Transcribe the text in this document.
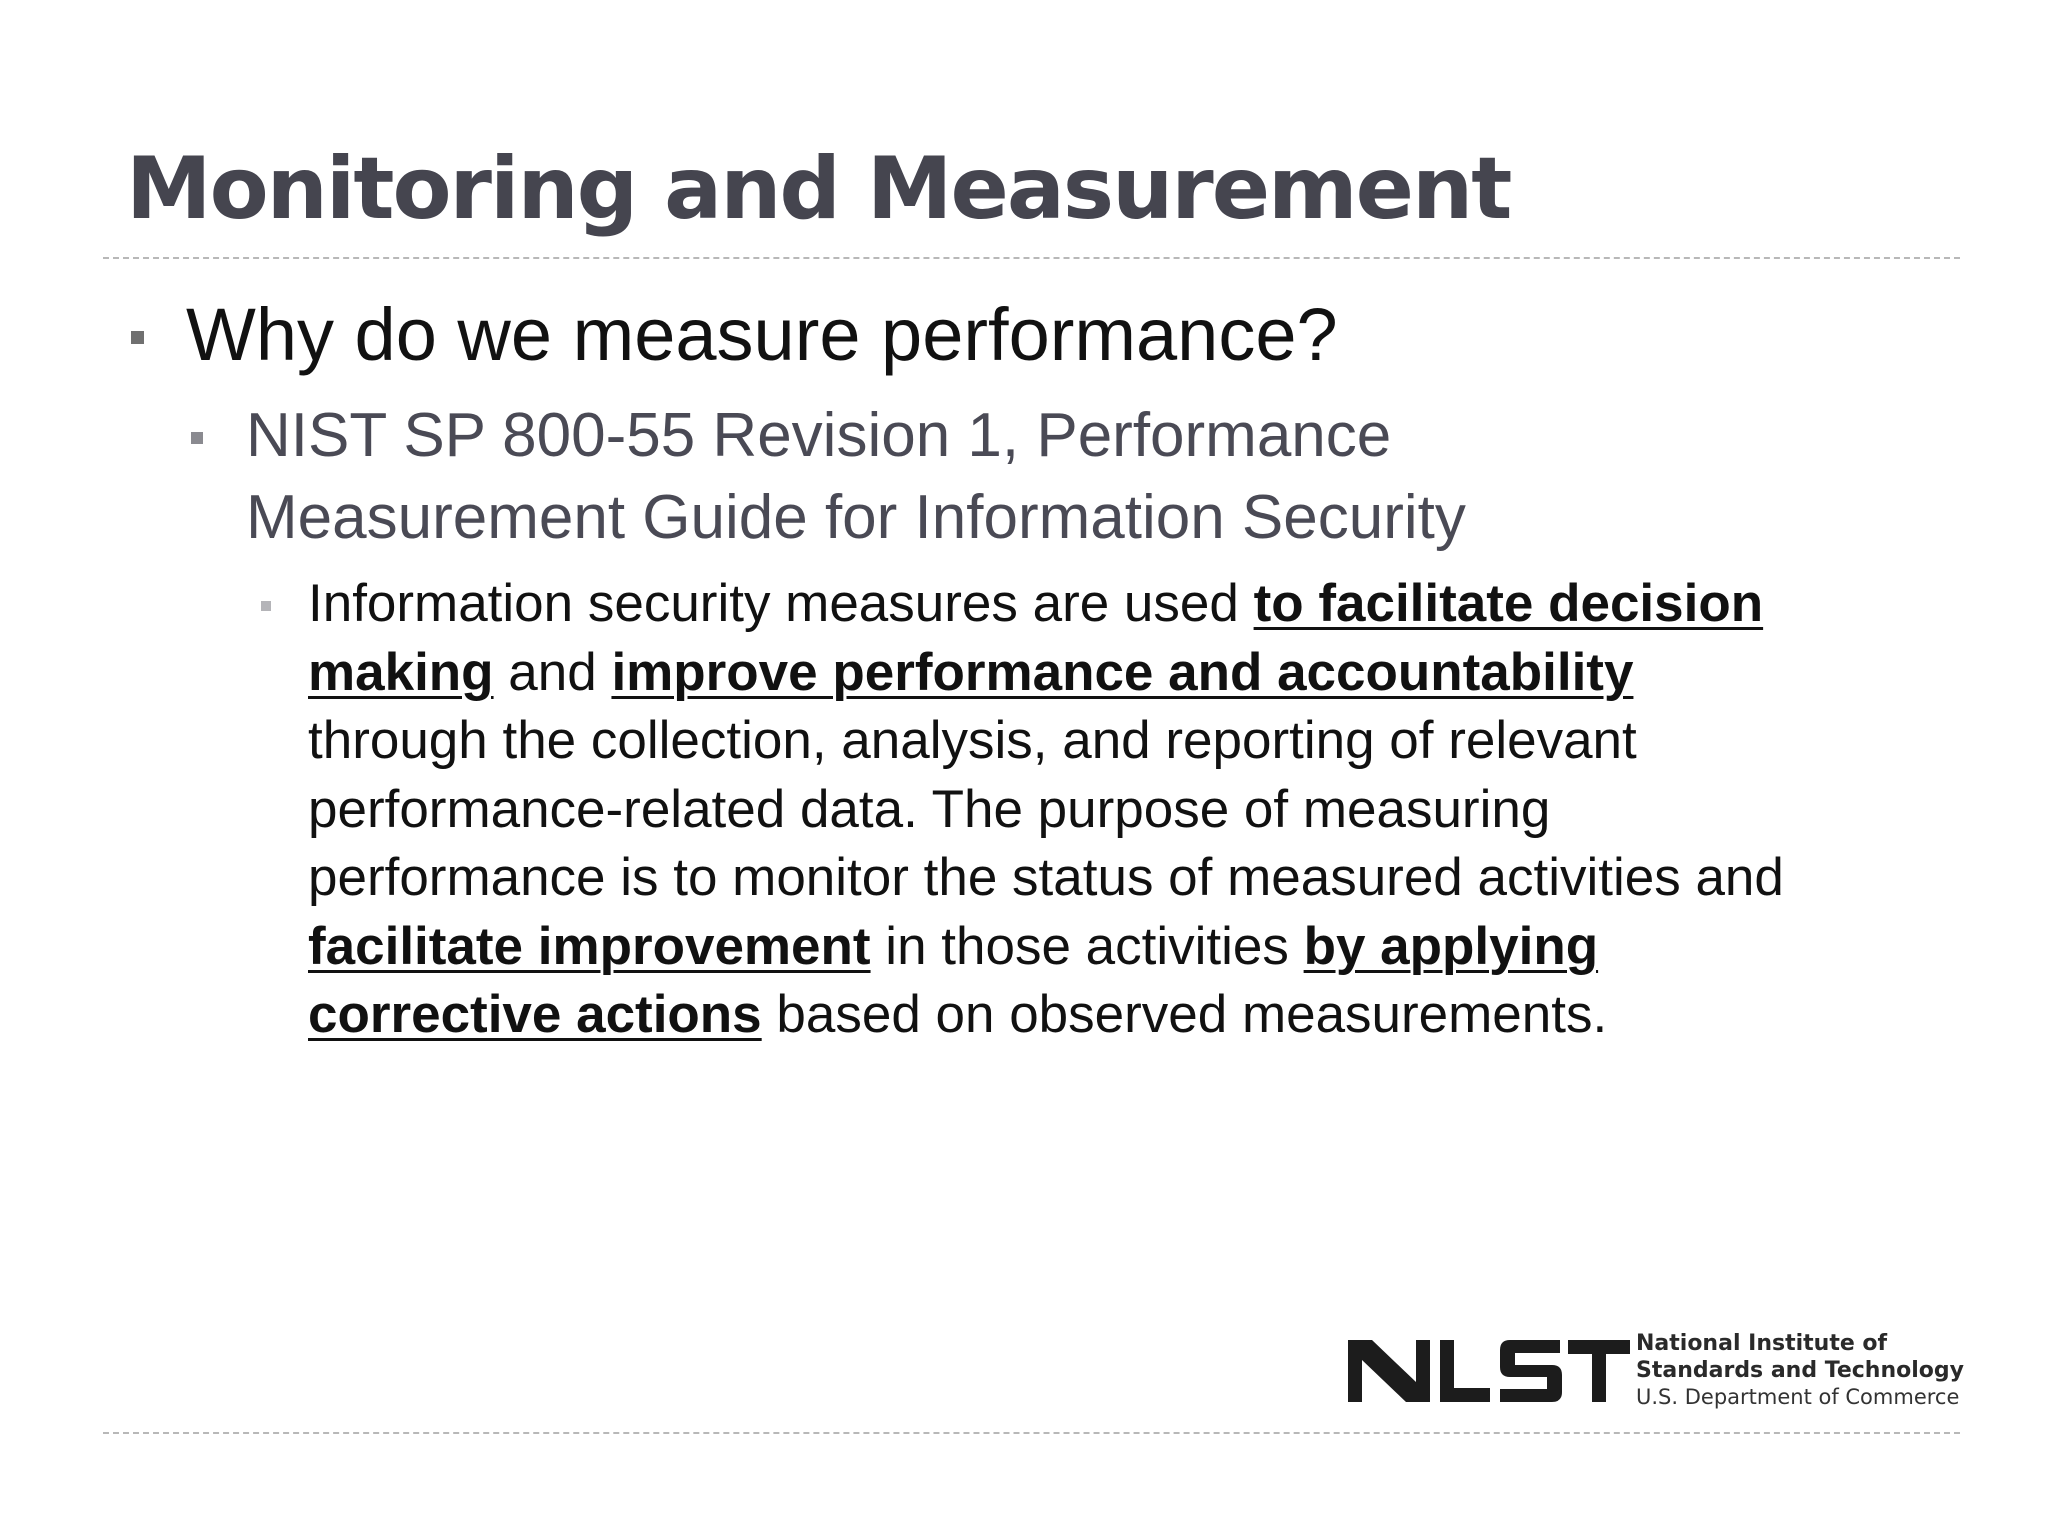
Monitoring and Measurement

Why do we measure performance?

NIST SP 800-55 Revision 1, Performance
Measurement Guide for Information Security

Information security measures are used to facilitate decision
making and improve performance and accountability
through the collection, analysis, and reporting of relevant
performance-related data. The purpose of measuring
performance is to monitor the status of measured activities and
facilitate improvement in those activities by applying
corrective actions based on observed measurements.

National Institute of
Standards and Technology
U.S. Department of Commerce
